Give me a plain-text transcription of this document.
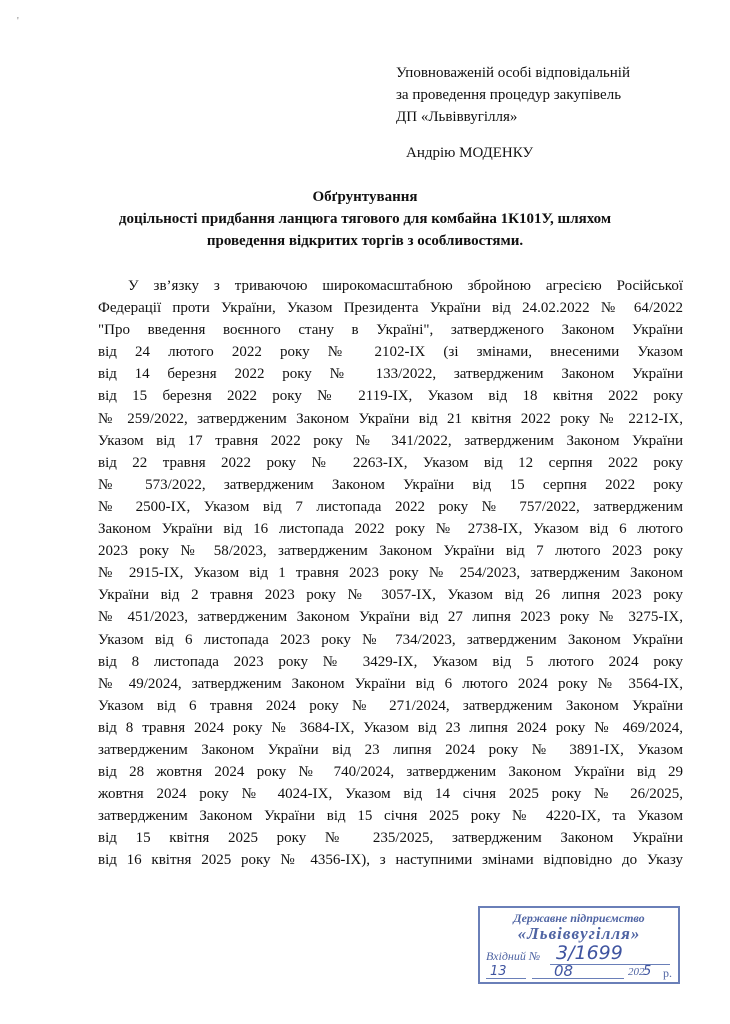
'
Уповноваженій особі відповідальній
за проведення процедур закупівель
ДП «Львіввугілля»
Андрію МОДЕНКУ
Обґрунтування
доцільності придбання ланцюга тягового для комбайна 1К101У, шляхом
проведення відкритих торгів з особливостями.
У зв’язку з триваючою широкомасштабною збройною агресією Російської
Федерації проти України, Указом Президента України від 24.02.2022 № 64/2022
"Про введення воєнного стану в Україні", затвердженого Законом України
від 24 лютого 2022 року № 2102-IX (зі змінами, внесеними Указом
від 14 березня 2022 року № 133/2022, затвердженим Законом України
від 15 березня 2022 року № 2119-IX, Указом від 18 квітня 2022 року
№ 259/2022, затвердженим Законом України від 21 квітня 2022 року № 2212-IX,
Указом від 17 травня 2022 року № 341/2022, затвердженим Законом України
від 22 травня 2022 року № 2263-IX, Указом від 12 серпня 2022 року
№ 573/2022, затвердженим Законом України від 15 серпня 2022 року
№ 2500-IX, Указом від 7 листопада 2022 року № 757/2022, затвердженим
Законом України від 16 листопада 2022 року № 2738-IX, Указом від 6 лютого
2023 року № 58/2023, затвердженим Законом України від 7 лютого 2023 року
№ 2915-IX, Указом від 1 травня 2023 року № 254/2023, затвердженим Законом
України від 2 травня 2023 року № 3057-IX, Указом від 26 липня 2023 року
№ 451/2023, затвердженим Законом України від 27 липня 2023 року № 3275-IX,
Указом від 6 листопада 2023 року № 734/2023, затвердженим Законом України
від 8 листопада 2023 року № 3429-IX, Указом від 5 лютого 2024 року
№ 49/2024, затвердженим Законом України від 6 лютого 2024 року № 3564-IX,
Указом від 6 травня 2024 року № 271/2024, затвердженим Законом України
від 8 травня 2024 року № 3684-IX, Указом від 23 липня 2024 року № 469/2024,
затвердженим Законом України від 23 липня 2024 року № 3891-IX, Указом
від 28 жовтня 2024 року № 740/2024, затвердженим Законом України від 29
жовтня 2024 року № 4024-IX, Указом від 14 січня 2025 року № 26/2025,
затвердженим Законом України від 15 січня 2025 року № 4220-IX, та Указом
від 15 квітня 2025 року № 235/2025, затвердженим Законом України
від 16 квітня 2025 року № 4356-IX), з наступними змінами відповідно до Указу
Державне підприємство
«Львіввугілля»
Вхідний № 3/1699
13	08	202
5 р.
